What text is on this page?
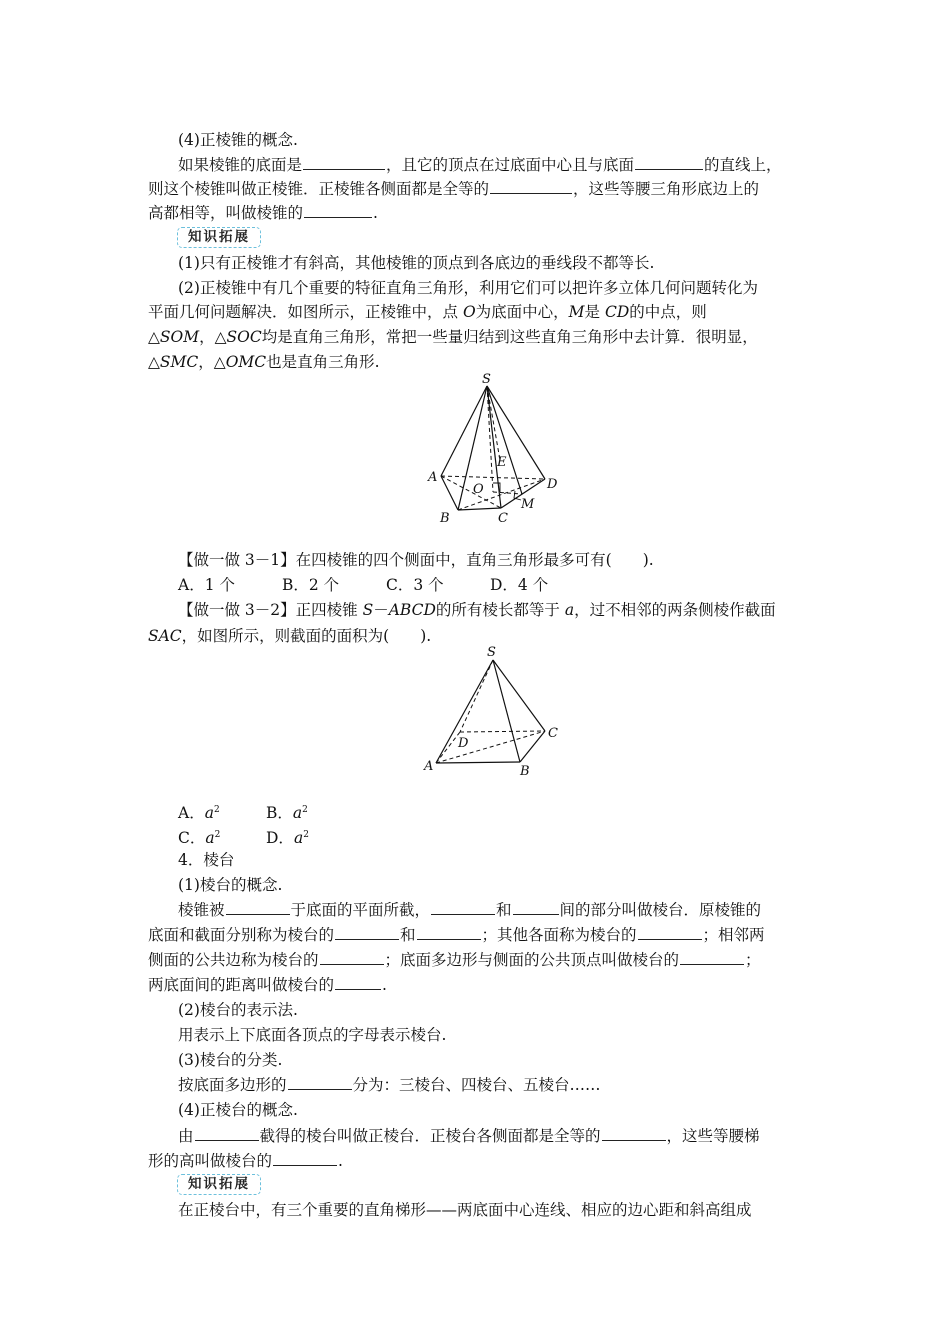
(4)正棱锥的概念.
如果棱锥的底面是	，且它的顶点在过底面中心且与底面	的直线上，
则这个棱锥叫做正棱锥．正棱锥各侧面都是全等的	，这些等腰三角形底边上的
高都相等，叫做棱锥的	.
知识拓展
(1)只有正棱锥才有斜高，其他棱锥的顶点到各底边的垂线段不都等长.
(2)正棱锥中有几个重要的特征直角三角形，利用它们可以把许多立体几何问题转化为
平面几何问题解决．如图所示，正棱锥中，点 O为底面中心，M是 CD的中点，则
△SOM，△SOC均是直角三角形，常把一些量归结到这些直角三角形中去计算．很明显，
△SMC，△OMC也是直角三角形.
S
A
B	C
D
E
O
M
【做一做 3－1】在四棱锥的四个侧面中，直角三角形最多可有(　　).
A．1 个	B．2 个	C．3 个	D．4 个
【做一做 3－2】正四棱锥 S－ABCD的所有棱长都等于 a，过不相邻的两条侧棱作截面
SAC，如图所示，则截面的面积为(　　).
S
A	B
C
D
A．$a^2$	B．$a^2$
C．$a^2$	D．$a^2$
4．棱台
(1)棱台的概念.
棱锥被	于底面的平面所截，	和	间的部分叫做棱台．原棱锥的
底面和截面分别称为棱台的	和	；其他各面称为棱台的	；相邻两
侧面的公共边称为棱台的	；底面多边形与侧面的公共顶点叫做棱台的	；
两底面间的距离叫做棱台的	.
(2)棱台的表示法.
用表示上下底面各顶点的字母表示棱台.
(3)棱台的分类.
按底面多边形的	分为：三棱台、四棱台、五棱台……
(4)正棱台的概念.
由	截得的棱台叫做正棱台．正棱台各侧面都是全等的	，这些等腰梯
形的高叫做棱台的	.
知识拓展
在正棱台中，有三个重要的直角梯形——两底面中心连线、相应的边心距和斜高组成
